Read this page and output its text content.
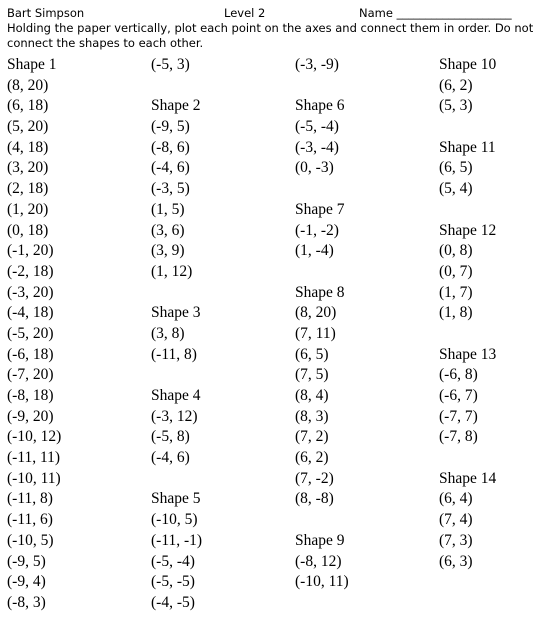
Bart Simpson	Level 2	Name ____________________
Holding the paper vertically, plot each point on the axes and connect them in order. Do not connect the shapes to each other.
Shape 1
(8, 20)
(6, 18)
(5, 20)
(4, 18)
(3, 20)
(2, 18)
(1, 20)
(0, 18)
(-1, 20)
(-2, 18)
(-3, 20)
(-4, 18)
(-5, 20)
(-6, 18)
(-7, 20)
(-8, 18)
(-9, 20)
(-10, 12)
(-11, 11)
(-10, 11)
(-11, 8)
(-11, 6)
(-10, 5)
(-9, 5)
(-9, 4)
(-8, 3)
(-5, 3)
Shape 2
(-9, 5)
(-8, 6)
(-4, 6)
(-3, 5)
(1, 5)
(3, 6)
(3, 9)
(1, 12)
Shape 3
(3, 8)
(-11, 8)
Shape 4
(-3, 12)
(-5, 8)
(-4, 6)
Shape 5
(-10, 5)
(-11, -1)
(-5, -4)
(-5, -5)
(-4, -5)
(-3, -9)
Shape 6
(-5, -4)
(-3, -4)
(0, -3)
Shape 7
(-1, -2)
(1, -4)
Shape 8
(8, 20)
(7, 11)
(6, 5)
(7, 5)
(8, 4)
(8, 3)
(7, 2)
(6, 2)
(7, -2)
(8, -8)
Shape 9
(-8, 12)
(-10, 11)
Shape 10
(6, 2)
(5, 3)
Shape 11
(6, 5)
(5, 4)
Shape 12
(0, 8)
(0, 7)
(1, 7)
(1, 8)
Shape 13
(-6, 8)
(-6, 7)
(-7, 7)
(-7, 8)
Shape 14
(6, 4)
(7, 4)
(7, 3)
(6, 3)
